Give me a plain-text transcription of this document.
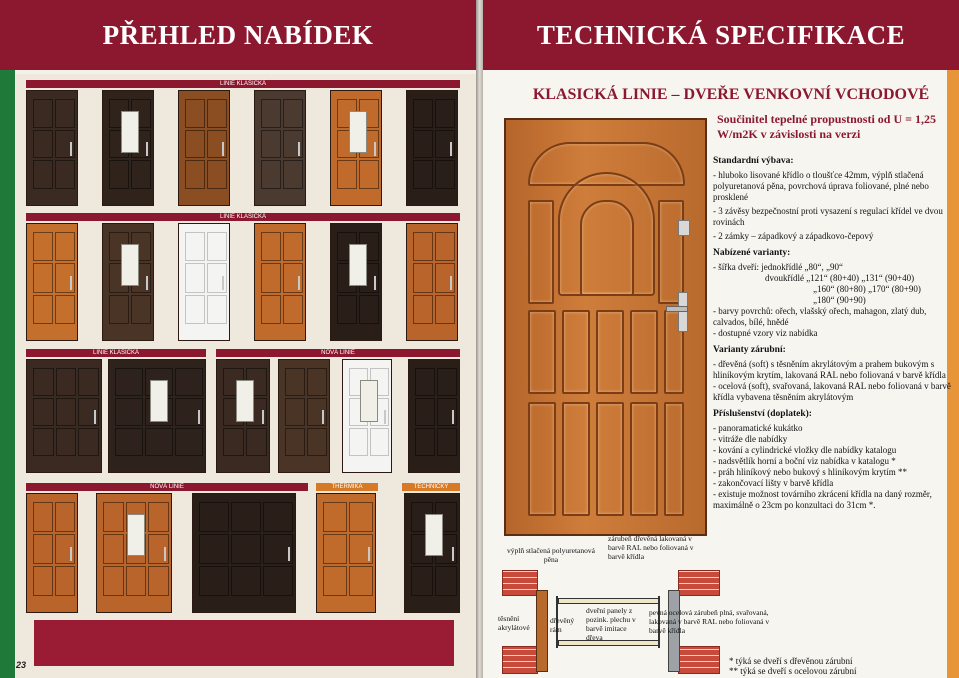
PŘEHLED NABÍDEK
LINIE KLASICKÁ
LINIE KLASICKÁ
LINIE KLASICKÁ	NOVÁ LINIE
NOVÁ LINIE	THERMIKA	TECHNICKÝ
23
TECHNICKÁ SPECIFIKACE
KLASICKÁ LINIE – DVEŘE VENKOVNÍ VCHODOVÉ
Součinitel tepelné propustnosti od U = 1,25 W/m2K v závislosti na verzi
Standardní výbava:

- hluboko lisované křídlo o tloušťce 42mm, výplň stlačená polyuretanová pěna, povrchová úprava foliované, plné nebo prosklené

- 3 závěsy bezpečnostní proti vysazení s regulací křídel ve dvou rovinách

- 2 zámky – západkový a západkovo-čepový

Nabízené varianty:

- šířka dveří: jednokřídlé „80“, „90“

dvoukřídlé „121“ (80+40) „131“ (90+40)

„160“ (80+80) „170“ (80+90)

„180“ (90+90)

- barvy povrchů: ořech, vlašský ořech, mahagon, zlatý dub, calvados, bílé, hnědé

- dostupné vzory viz nabídka

Varianty zárubní:

- dřevěná (soft) s těsněním akrylátovým a prahem bukovým s hliníkovým krytím, lakovaná RAL nebo foliovaná v barvě křídla

- ocelová (soft), svařovaná, lakovaná RAL nebo foliovaná v barvě křídla vybavena těsněním akrylátovým

Příslušenství (doplatek):

- panoramatické kukátko

- vitráže dle nabídky

- kování a cylindrické vložky dle nabídky katalogu

- nadsvětlík horní a boční viz nabídka v katalogu *

- práh hliníkový nebo bukový s hliníkovým krytím **

- zakončovací lišty v barvě křídla

- existuje možnost továrního zkrácení křídla na daný rozměr, maximálně o 23cm po konzultaci do 31cm *.

výplň stlačená polyuretanová pěna
zárubeň dřevěná lakovaná v barvě RAL nebo foliovaná v barvě křídla
těsnění akrylátové
dřevěný rám
dveřní panely z pozink. plechu v barvě imitace dřeva
pevná ocelová zárubeň plná, svařovaná, lakovaná v barvě RAL nebo foliovaná v barvě křídla
* týká se dveří s dřevěnou zárubní
** týká se dveří s ocelovou zárubní
